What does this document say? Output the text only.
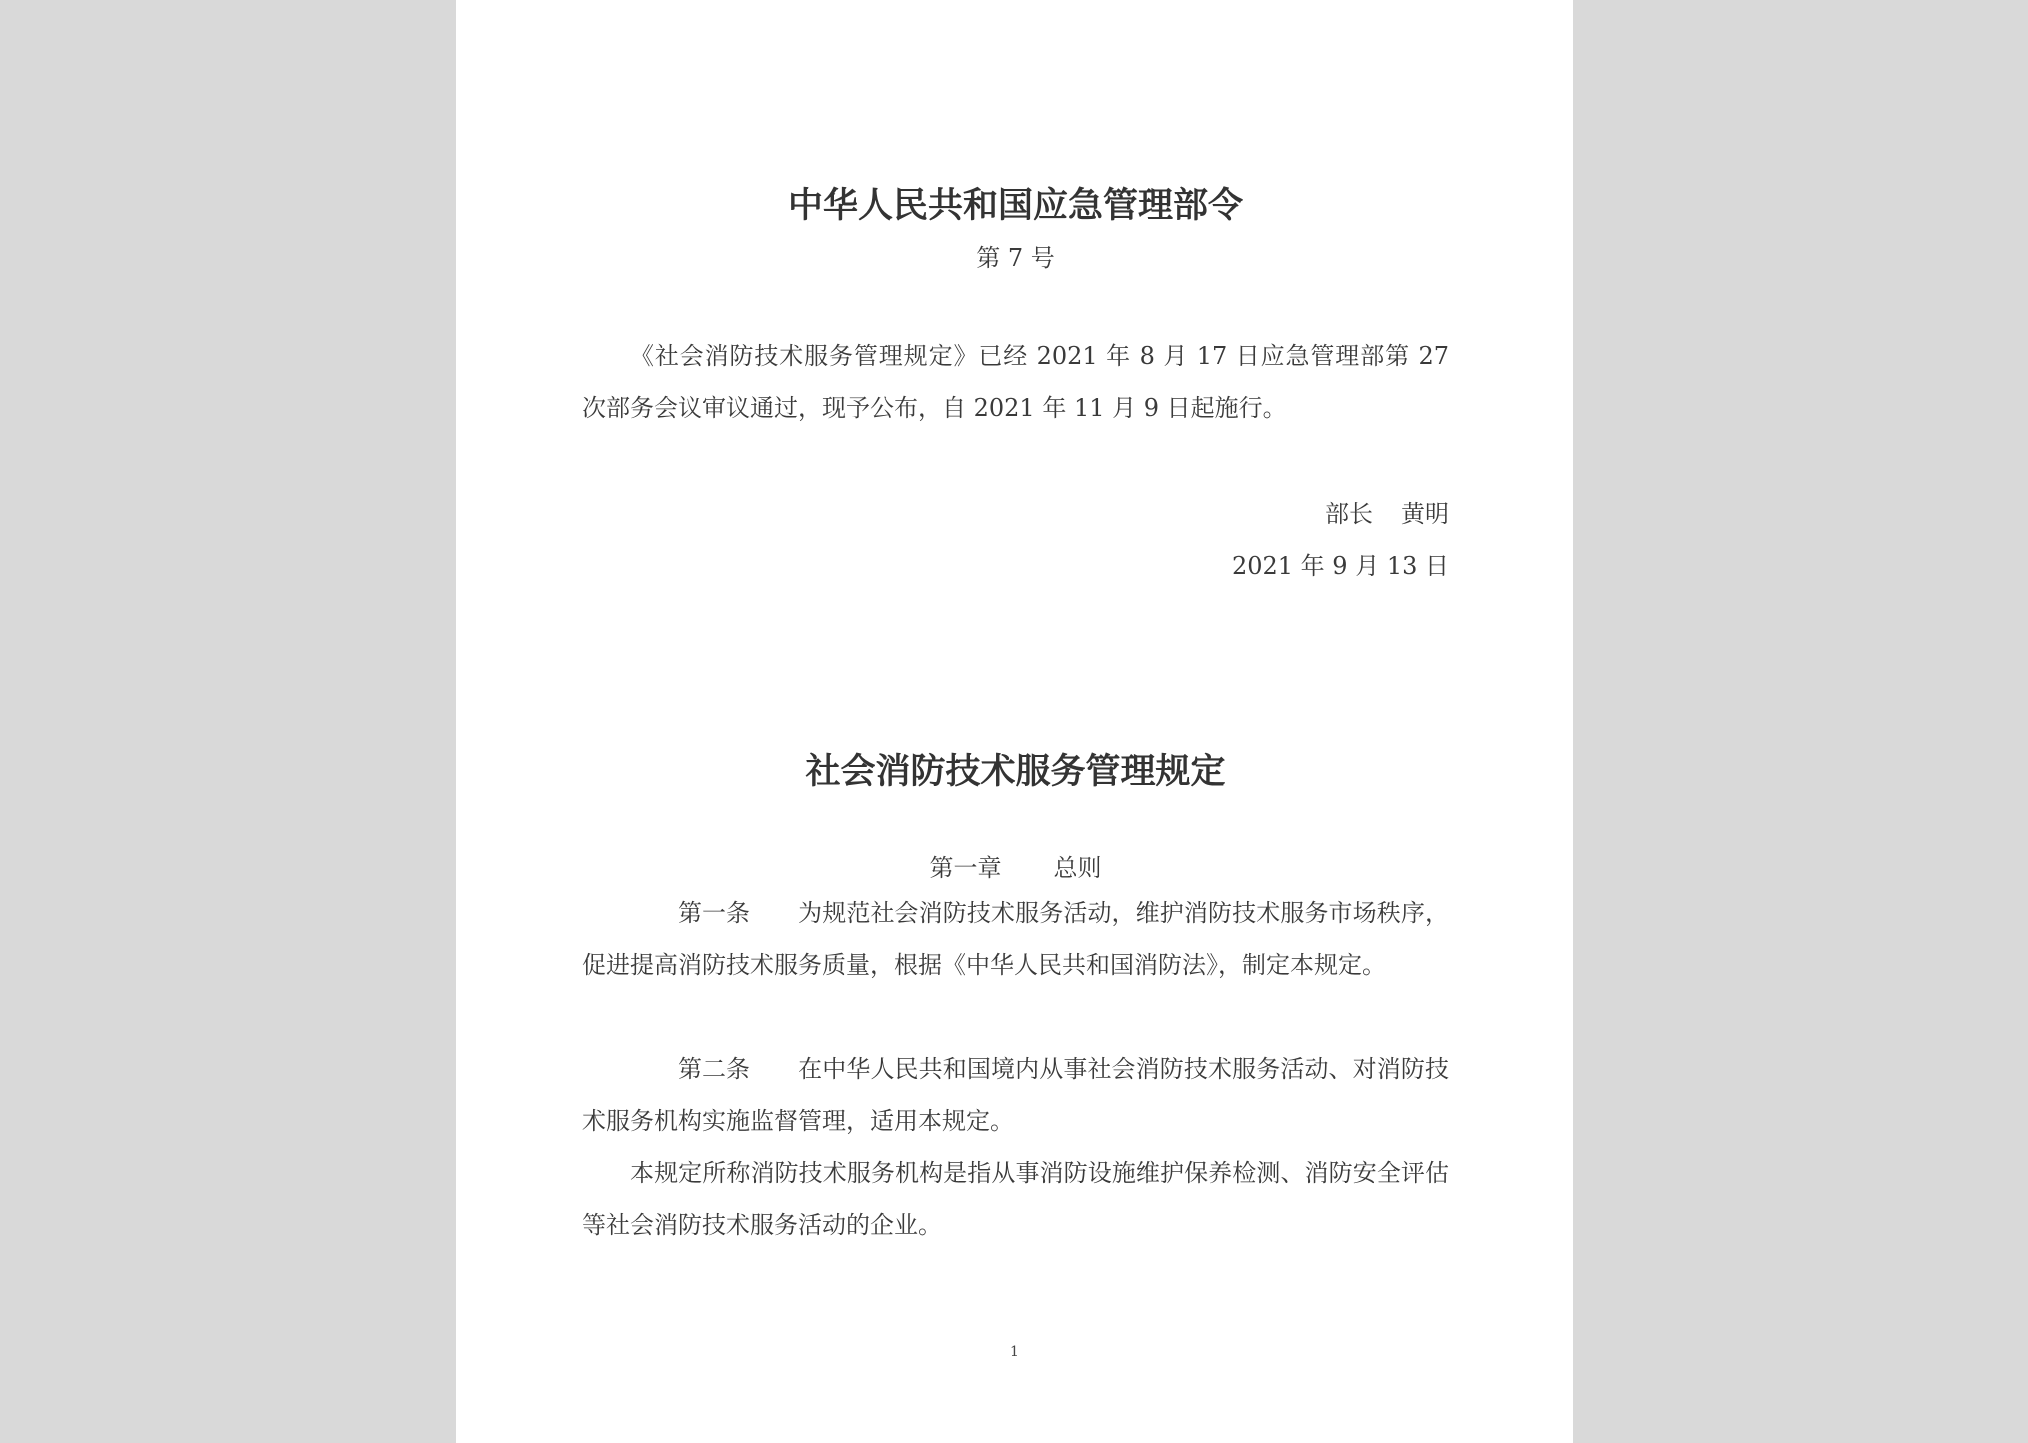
中华人民共和国应急管理部令
第 7 号
《社会消防技术服务管理规定》已经 2021 年 8 月 17 日应急管理部第 27 次部务会议审议通过，现予公布，自 2021 年 11 月 9 日起施行。
部长 黄明
2021 年 9 月 13 日
社会消防技术服务管理规定
第一章 总则
第一条 为规范社会消防技术服务活动，维护消防技术服务市场秩序，促进提高消防技术服务质量，根据《中华人民共和国消防法》，制定本规定。
第二条 在中华人民共和国境内从事社会消防技术服务活动、对消防技术服务机构实施监督管理，适用本规定。
本规定所称消防技术服务机构是指从事消防设施维护保养检测、消防安全评估等社会消防技术服务活动的企业。
1
